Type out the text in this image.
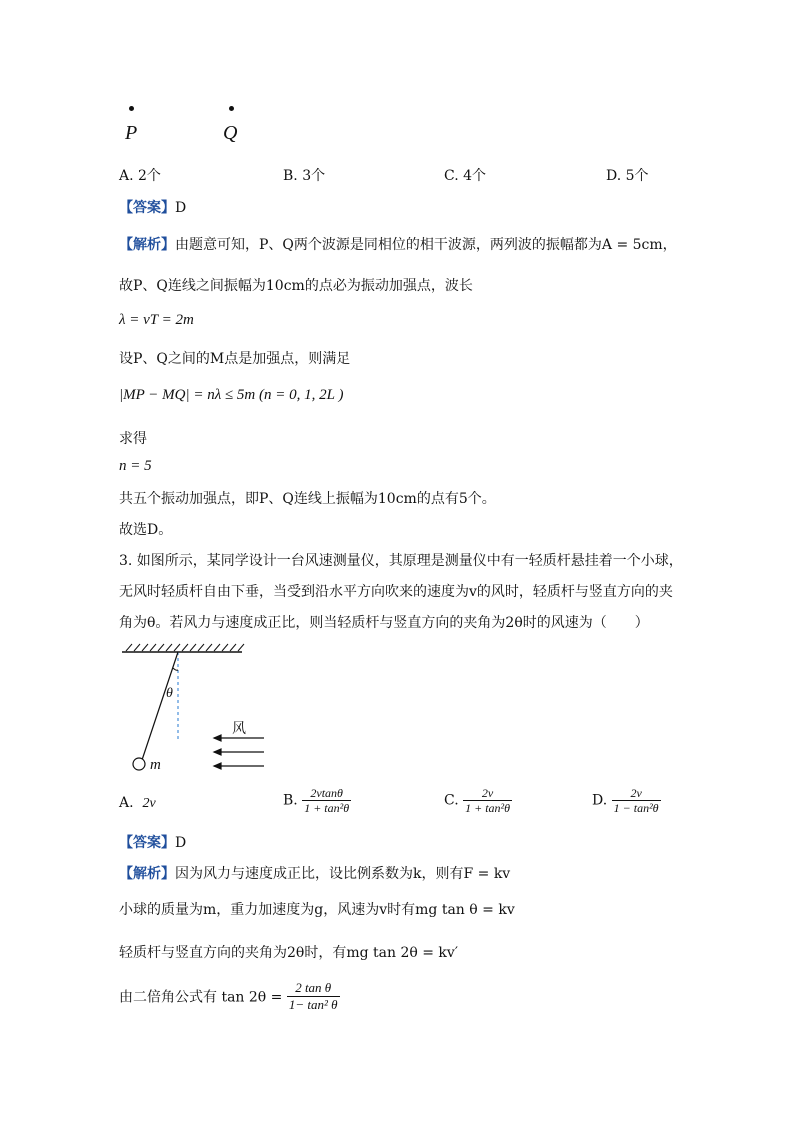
P	Q
A. 2个	B. 3个	C. 4个	D. 5个
【答案】D
【解析】由题意可知，P、Q两个波源是同相位的相干波源，两列波的振幅都为A = 5cm，
故P、Q连线之间振幅为10cm的点必为振动加强点，波长
λ = vT = 2m
设P、Q之间的M点是加强点，则满足
|MP − MQ| = nλ ≤ 5m (n = 0, 1, 2L )
求得
n = 5
共五个振动加强点，即P、Q连线上振幅为10cm的点有5个。
故选D。
3. 如图所示，某同学设计一台风速测量仪，其原理是测量仪中有一轻质杆悬挂着一个小球，
无风时轻质杆自由下垂，当受到沿水平方向吹来的速度为v的风时，轻质杆与竖直方向的夹
角为θ。若风力与速度成正比，则当轻质杆与竖直方向的夹角为2θ时的风速为（　　）
θ
风
m
A. 2v	B. $\frac{2vtan\theta}{\text{1 + tan²θ}}$	C. $\frac{2v}{\text{1 + tan²θ}}$	D. $\frac{2v}{\text{1 − tan²θ}}$
【答案】D
【解析】因为风力与速度成正比，设比例系数为k，则有F = kv
小球的质量为m，重力加速度为g，风速为v时有mg tan θ = kv
轻质杆与竖直方向的夹角为2θ时，有mg tan 2θ = kv′
由二倍角公式有 $\tan 2\theta = \frac{\text{2 tan θ}}{\text{1− tan² θ}}$
